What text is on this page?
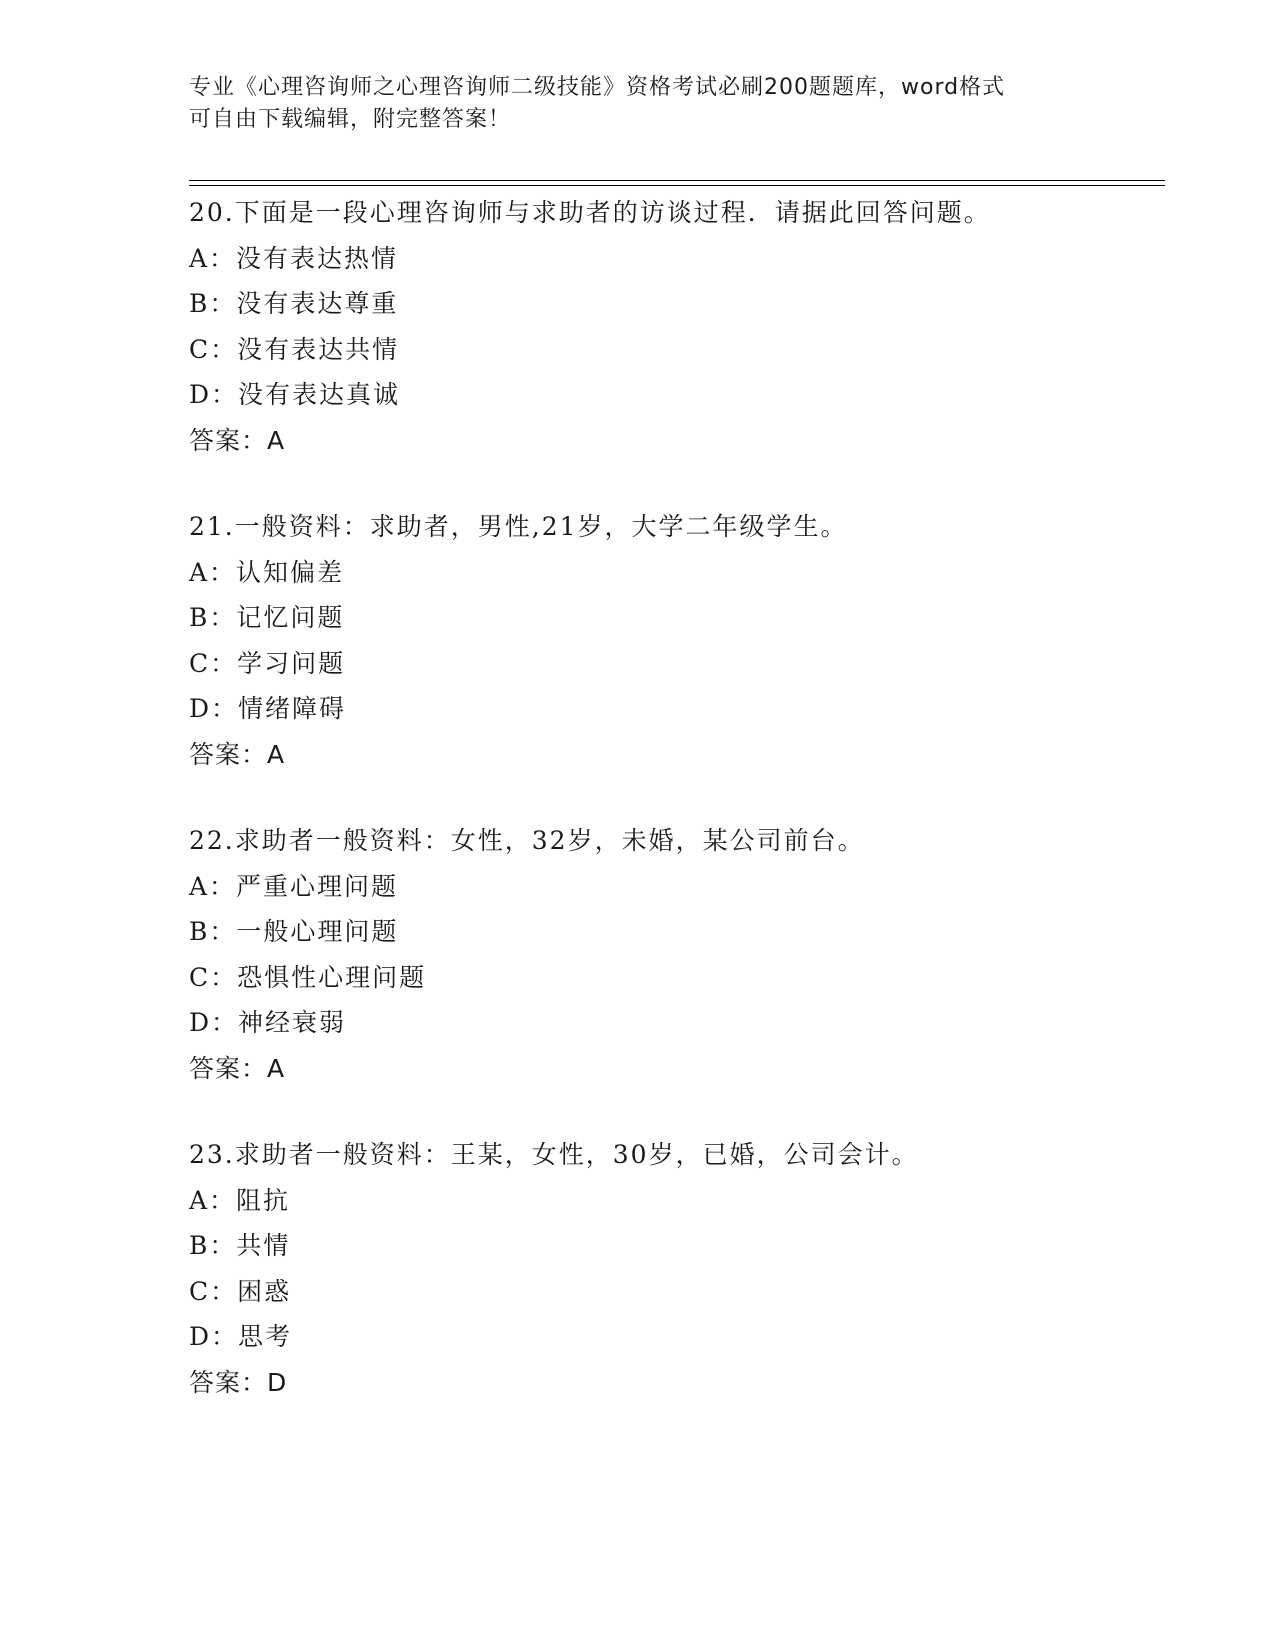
专业《心理咨询师之心理咨询师二级技能》资格考试必刷200题题库，word格式
可自由下载编辑，附完整答案！
20.下面是一段心理咨询师与求助者的访谈过程．请据此回答问题。
A：没有表达热情
B：没有表达尊重
C：没有表达共情
D：没有表达真诚
答案：A
21.一般资料：求助者，男性,21岁，大学二年级学生。
A：认知偏差
B：记忆问题
C：学习问题
D：情绪障碍
答案：A
22.求助者一般资料：女性，32岁，未婚，某公司前台。
A：严重心理问题
B：一般心理问题
C：恐惧性心理问题
D：神经衰弱
答案：A
23.求助者一般资料：王某，女性，30岁，已婚，公司会计。
A：阻抗
B：共情
C：困惑
D：思考
答案：D
